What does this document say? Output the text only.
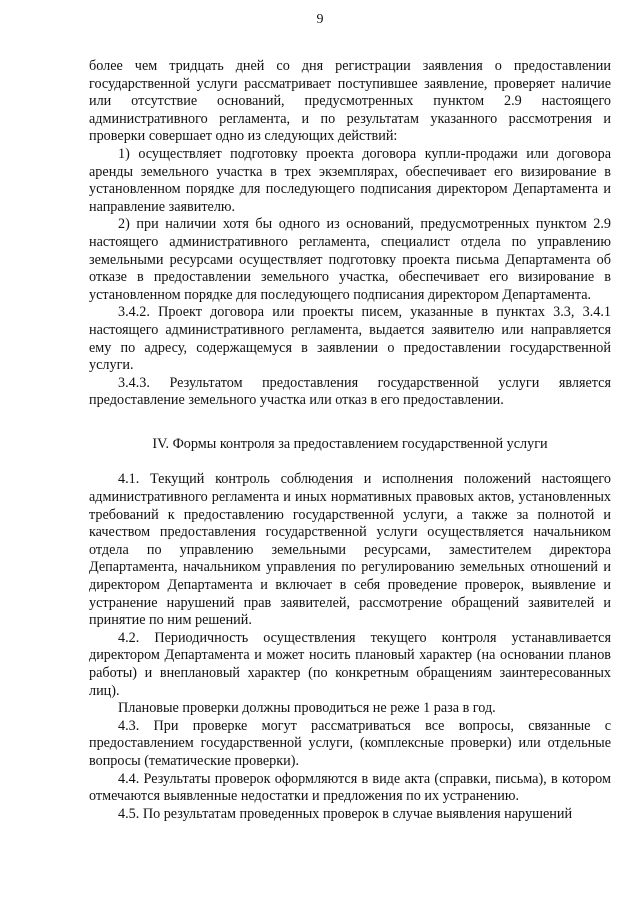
9

более чем тридцать дней со дня регистрации заявления о предоставлении государственной услуги рассматривает поступившее заявление, проверяет наличие или отсутствие оснований, предусмотренных пунктом 2.9 настоящего административного регламента, и по результатам указанного рассмотрения и проверки совершает одно из следующих действий:

1) осуществляет подготовку проекта договора купли-продажи или договора аренды земельного участка в трех экземплярах, обеспечивает его визирование в установленном порядке для последующего подписания директором Департамента и направление заявителю.

2) при наличии хотя бы одного из оснований, предусмотренных пунктом 2.9 настоящего административного регламента, специалист отдела по управлению земельными ресурсами осуществляет подготовку проекта письма Департамента об отказе в предоставлении земельного участка, обеспечивает его визирование в установленном порядке для последующего подписания директором Департамента.

3.4.2. Проект договора или проекты писем, указанные в пунктах 3.3, 3.4.1 настоящего административного регламента, выдается заявителю или направляется ему по адресу, содержащемуся в заявлении о предоставлении государственной услуги.

3.4.3. Результатом предоставления государственной услуги является предоставление земельного участка или отказ в его предоставлении.

IV. Формы контроля за предоставлением государственной услуги

4.1. Текущий контроль соблюдения и исполнения положений настоящего административного регламента и иных нормативных правовых актов, установленных требований к предоставлению государственной услуги, а также за полнотой и качеством предоставления государственной услуги осуществляется начальником отдела по управлению земельными ресурсами, заместителем директора Департамента, начальником управления по регулированию земельных отношений и директором Департамента и включает в себя проведение проверок, выявление и устранение нарушений прав заявителей, рассмотрение обращений заявителей и принятие по ним решений.

4.2. Периодичность осуществления текущего контроля устанавливается директором Департамента и может носить плановый характер (на основании планов работы) и внеплановый характер (по конкретным обращениям заинтересованных лиц).

Плановые проверки должны проводиться не реже 1 раза в год.

4.3. При проверке могут рассматриваться все вопросы, связанные с предоставлением государственной услуги, (комплексные проверки) или отдельные вопросы (тематические проверки).

4.4. Результаты проверок оформляются в виде акта (справки, письма), в котором отмечаются выявленные недостатки и предложения по их устранению.

4.5. По результатам проведенных проверок в случае выявления нарушений
